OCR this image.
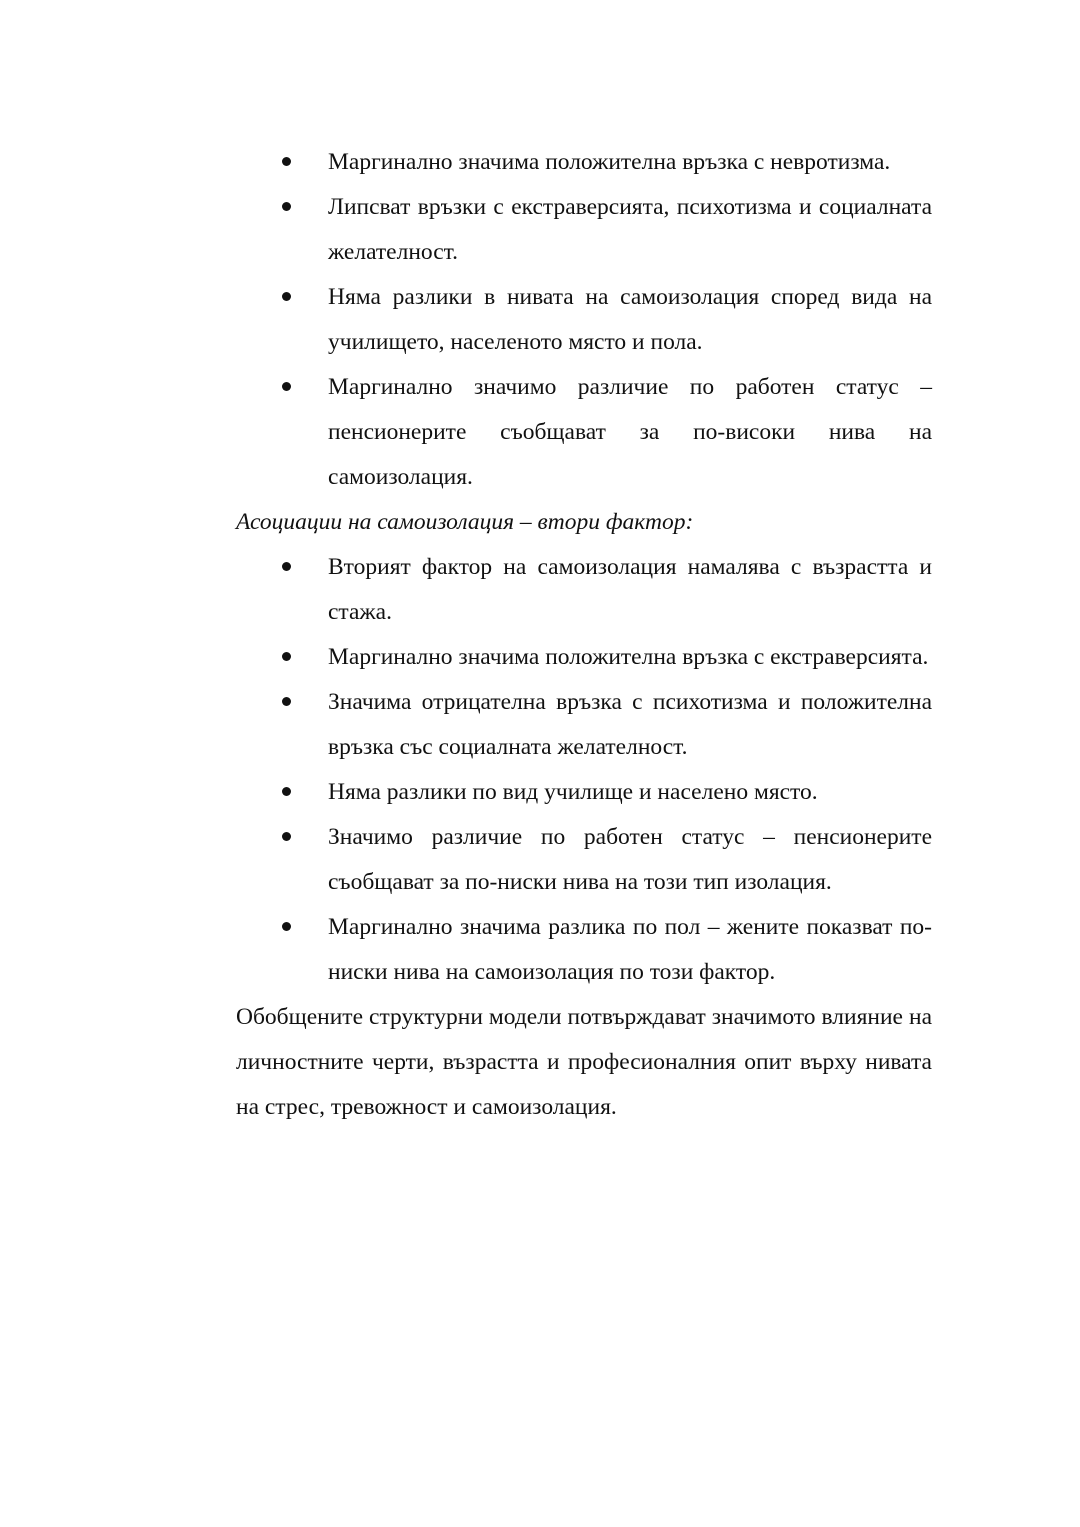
Маргинално значима положителна връзка с невротизма.
Липсват връзки с екстраверсията, психотизма и социалната желателност.
Няма разлики в нивата на самоизолация според вида на училището, населеното място и пола.
Маргинално значимо различие по работен статус – пенсионерите съобщават за по-високи нива на самоизолация.

Асоциации на самоизолация – втори фактор:

Вторият фактор на самоизолация намалява с възрастта и стажа.
Маргинално значима положителна връзка с екстраверсията.
Значима отрицателна връзка с психотизма и положителна връзка със социалната желателност.
Няма разлики по вид училище и населено място.
Значимо различие по работен статус – пенсионерите съобщават за по-ниски нива на този тип изолация.
Маргинално значима разлика по пол – жените показват по-ниски нива на самоизолация по този фактор.

Обобщените структурни модели потвърждават значимото влияние на личностните черти, възрастта и професионалния опит върху нивата на стрес, тревожност и самоизолация.
